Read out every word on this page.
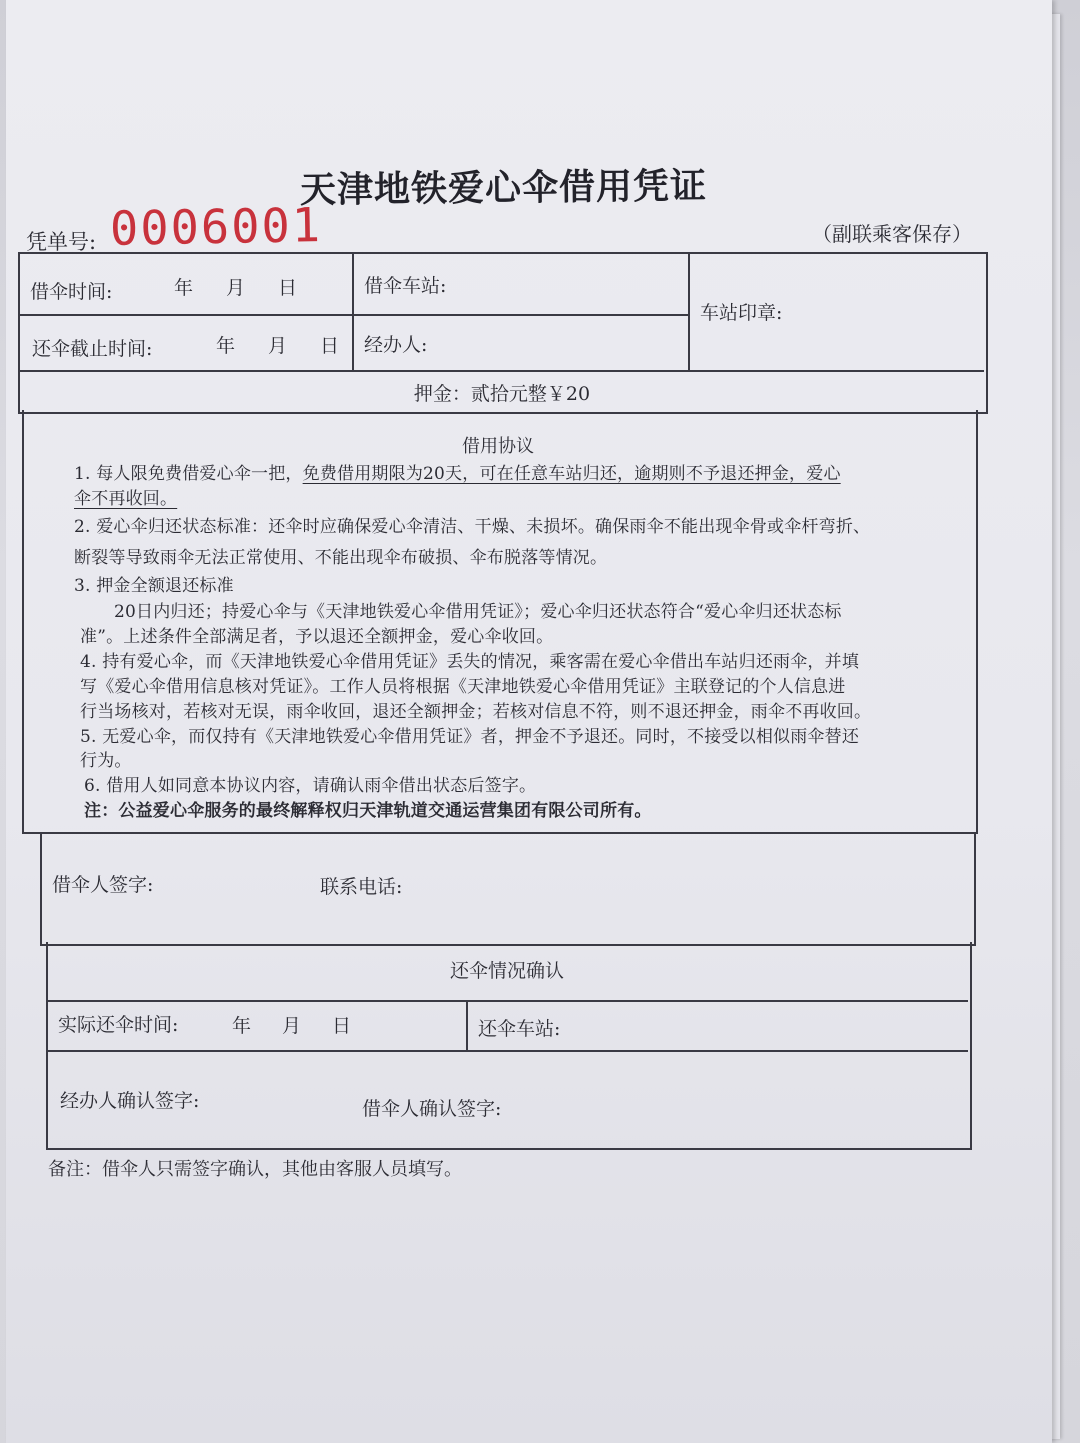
天津地铁爱心伞借用凭证
凭单号: 0006001	（副联乘客保存）
借伞时间:	年 月 日	借伞车站:
车站印章:
还伞截止时间:	年 月 日 经办人:
押金：贰拾元整￥20
借用协议
1. 每人限免费借爱心伞一把，免费借用期限为20天，可在任意车站归还，逾期则不予退还押金，爱心
伞不再收回。
2. 爱心伞归还状态标准：还伞时应确保爱心伞清洁、干燥、未损坏。确保雨伞不能出现伞骨或伞杆弯折、
断裂等导致雨伞无法正常使用、不能出现伞布破损、伞布脱落等情况。
3. 押金全额退还标准
20日内归还；持爱心伞与《天津地铁爱心伞借用凭证》；爱心伞归还状态符合“爱心伞归还状态标
准”。上述条件全部满足者，予以退还全额押金，爱心伞收回。
4. 持有爱心伞，而《天津地铁爱心伞借用凭证》丢失的情况，乘客需在爱心伞借出车站归还雨伞，并填
写《爱心伞借用信息核对凭证》。工作人员将根据《天津地铁爱心伞借用凭证》主联登记的个人信息进
行当场核对，若核对无误，雨伞收回，退还全额押金；若核对信息不符，则不退还押金，雨伞不再收回。
5. 无爱心伞，而仅持有《天津地铁爱心伞借用凭证》者，押金不予退还。同时，不接受以相似雨伞替还
行为。
6. 借用人如同意本协议内容，请确认雨伞借出状态后签字。
注：公益爱心伞服务的最终解释权归天津轨道交通运营集团有限公司所有。
借伞人签字:	联系电话:
还伞情况确认
实际还伞时间:	年 月 日	还伞车站:
经办人确认签字:	借伞人确认签字:
备注：借伞人只需签字确认，其他由客服人员填写。
